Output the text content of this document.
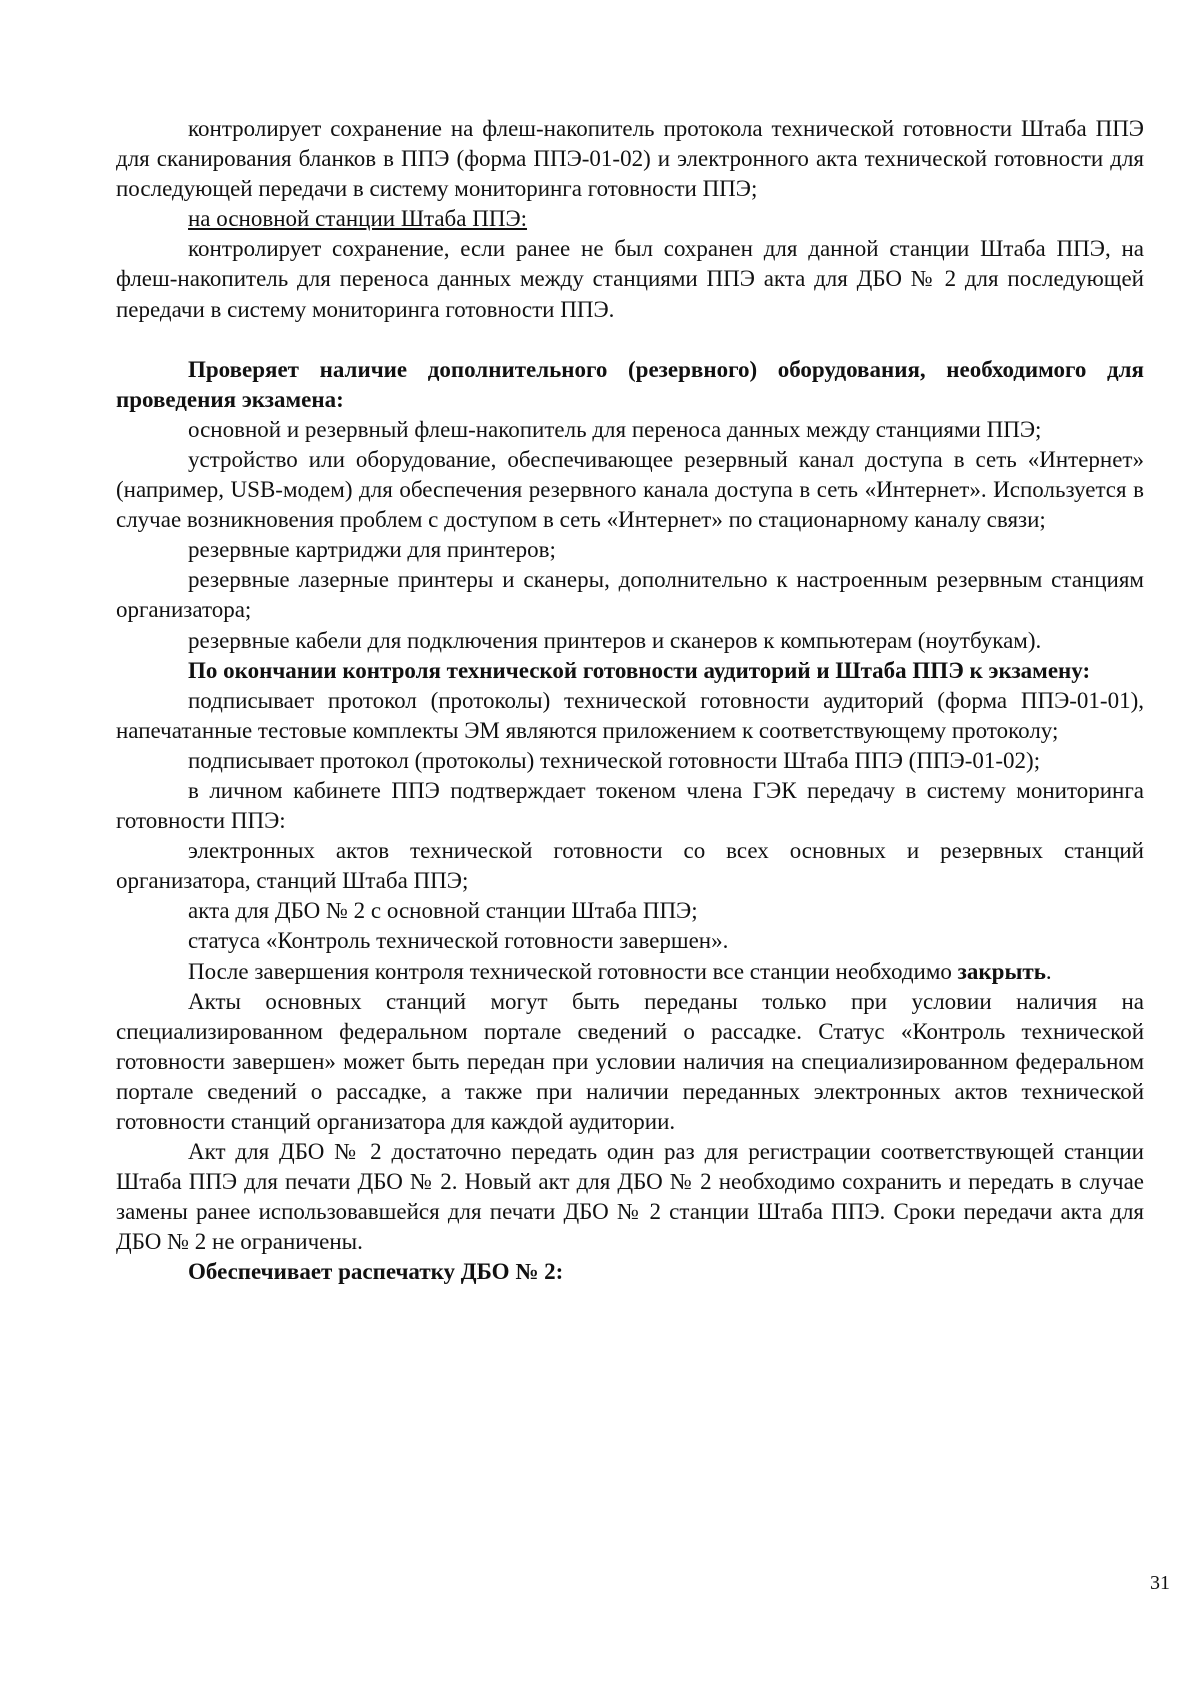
контролирует сохранение на флеш-накопитель протокола технической готовности Штаба ППЭ для сканирования бланков в ППЭ (форма ППЭ-01-02) и электронного акта технической готовности для последующей передачи в систему мониторинга готовности ППЭ;

на основной станции Штаба ППЭ:

контролирует сохранение, если ранее не был сохранен для данной станции Штаба ППЭ, на флеш-накопитель для переноса данных между станциями ППЭ акта для ДБО № 2 для последующей передачи в систему мониторинга готовности ППЭ.

Проверяет наличие дополнительного (резервного) оборудования, необходимого для проведения экзамена:

основной и резервный флеш-накопитель для переноса данных между станциями ППЭ;

устройство или оборудование, обеспечивающее резервный канал доступа в сеть «Интернет» (например, USB-модем) для обеспечения резервного канала доступа в сеть «Интернет». Используется в случае возникновения проблем с доступом в сеть «Интернет» по стационарному каналу связи;

резервные картриджи для принтеров;

резервные лазерные принтеры и сканеры, дополнительно к настроенным резервным станциям организатора;

резервные кабели для подключения принтеров и сканеров к компьютерам (ноутбукам).

По окончании контроля технической готовности аудиторий и Штаба ППЭ к экзамену:

подписывает протокол (протоколы) технической готовности аудиторий (форма ППЭ-01-01), напечатанные тестовые комплекты ЭМ являются приложением к соответствующему протоколу;

подписывает протокол (протоколы) технической готовности Штаба ППЭ (ППЭ-01-02);

в личном кабинете ППЭ подтверждает токеном члена ГЭК передачу в систему мониторинга готовности ППЭ:

электронных актов технической готовности со всех основных и резервных станций организатора, станций Штаба ППЭ;

акта для ДБО № 2 с основной станции Штаба ППЭ;

статуса «Контроль технической готовности завершен».

После завершения контроля технической готовности все станции необходимо закрыть.

Акты основных станций могут быть переданы только при условии наличия на специализированном федеральном портале сведений о рассадке. Статус «Контроль технической готовности завершен» может быть передан при условии наличия на специализированном федеральном портале сведений о рассадке, а также при наличии переданных электронных актов технической готовности станций организатора для каждой аудитории.

Акт для ДБО № 2 достаточно передать один раз для регистрации соответствующей станции Штаба ППЭ для печати ДБО № 2. Новый акт для ДБО № 2 необходимо сохранить и передать в случае замены ранее использовавшейся для печати ДБО № 2 станции Штаба ППЭ. Сроки передачи акта для ДБО № 2 не ограничены.

Обеспечивает распечатку ДБО № 2:

31
